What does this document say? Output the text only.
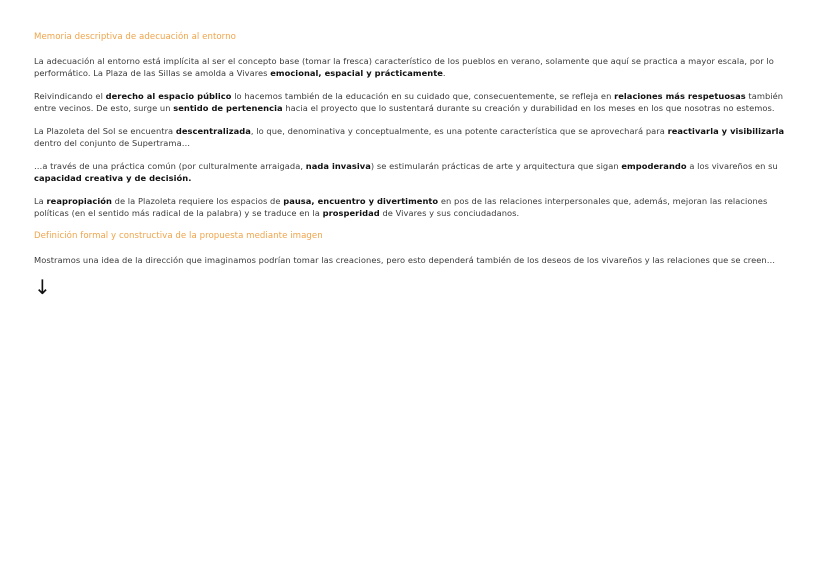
Memoria descriptiva de adecuación al entorno

La adecuación al entorno está implícita al ser el concepto base (tomar la fresca) característico de los pueblos en verano, solamente que aquí se practica a mayor escala, por lo performático. La Plaza de las Sillas se amolda a Vivares emocional, espacial y prácticamente.

Reivindicando el derecho al espacio público lo hacemos también de la educación en su cuidado que, consecuentemente, se refleja en relaciones más respetuosas también entre vecinos. De esto, surge un sentido de pertenencia hacia el proyecto que lo sustentará durante su creación y durabilidad en los meses en los que nosotras no estemos.

La Plazoleta del Sol se encuentra descentralizada, lo que, denominativa y conceptualmente, es una potente característica que se aprovechará para reactivarla y visibilizarla dentro del conjunto de Supertrama…

…a través de una práctica común (por culturalmente arraigada, nada invasiva) se estimularán prácticas de arte y arquitectura que sigan empoderando a los vivareños en su capacidad creativa y de decisión.

La reapropiación de la Plazoleta requiere los espacios de pausa, encuentro y divertimento en pos de las relaciones interpersonales que, además, mejoran las relaciones políticas (en el sentido más radical de la palabra) y se traduce en la prosperidad de Vivares y sus conciudadanos.

Definición formal y constructiva de la propuesta mediante imagen

Mostramos una idea de la dirección que imaginamos podrían tomar las creaciones, pero esto dependerá también de los deseos de los vivareños y las relaciones que se creen…

↓
